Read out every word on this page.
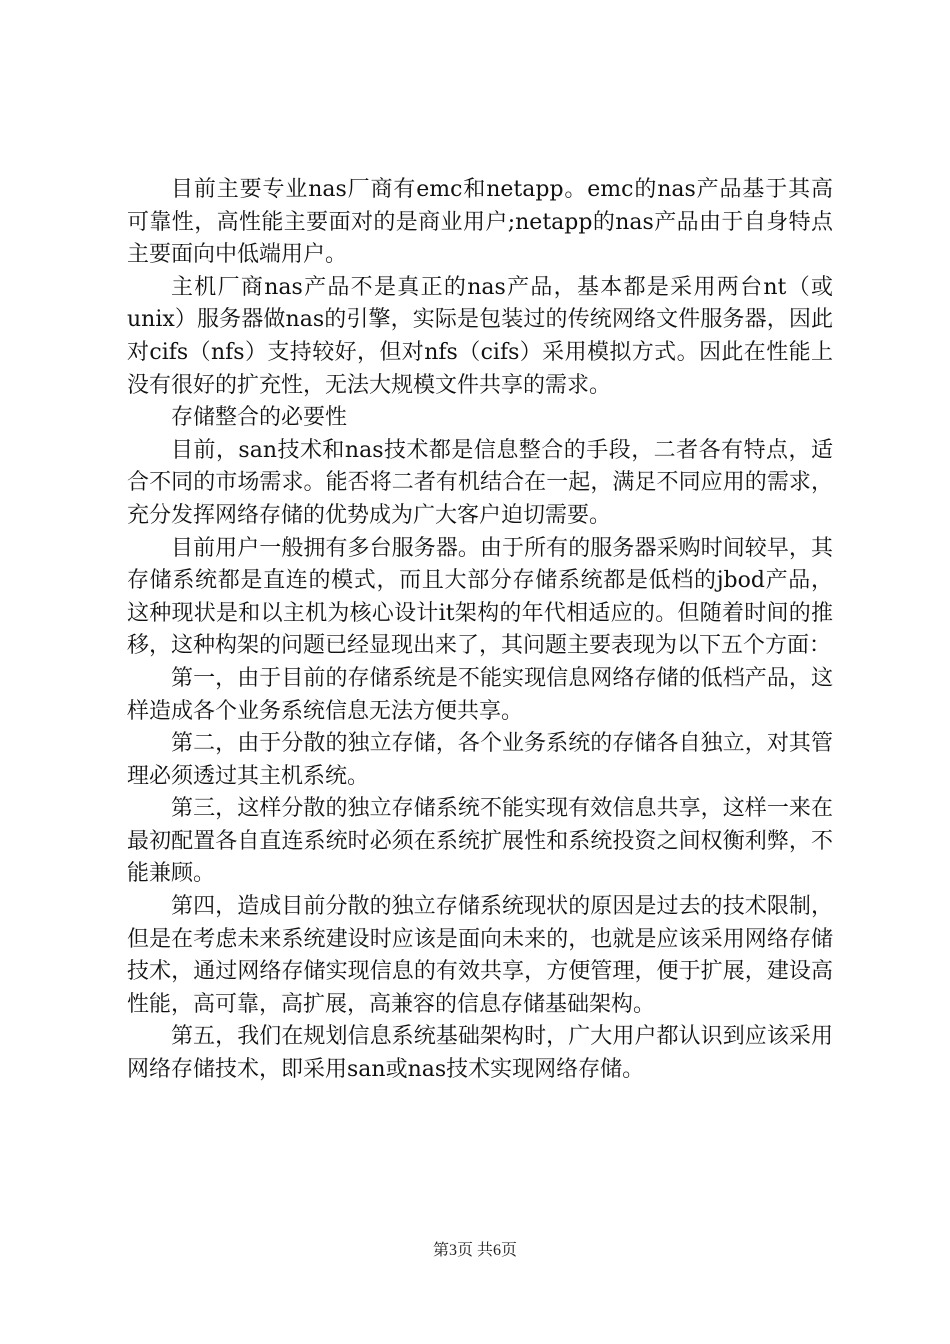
目前主要专业nas厂商有emc和netapp。emc的nas产品基于其高可靠性，高性能主要面对的是商业用户;netapp的nas产品由于自身特点主要面向中低端用户。

主机厂商nas产品不是真正的nas产品，基本都是采用两台nt（或unix）服务器做nas的引擎，实际是包装过的传统网络文件服务器，因此对cifs（nfs）支持较好，但对nfs（cifs）采用模拟方式。因此在性能上没有很好的扩充性，无法大规模文件共享的需求。

存储整合的必要性

目前，san技术和nas技术都是信息整合的手段，二者各有特点，适合不同的市场需求。能否将二者有机结合在一起，满足不同应用的需求，充分发挥网络存储的优势成为广大客户迫切需要。

目前用户一般拥有多台服务器。由于所有的服务器采购时间较早，其存储系统都是直连的模式，而且大部分存储系统都是低档的jbod产品，这种现状是和以主机为核心设计it架构的年代相适应的。但随着时间的推移，这种构架的问题已经显现出来了，其问题主要表现为以下五个方面：

第一，由于目前的存储系统是不能实现信息网络存储的低档产品，这样造成各个业务系统信息无法方便共享。

第二，由于分散的独立存储，各个业务系统的存储各自独立，对其管理必须透过其主机系统。

第三，这样分散的独立存储系统不能实现有效信息共享，这样一来在最初配置各自直连系统时必须在系统扩展性和系统投资之间权衡利弊，不能兼顾。

第四，造成目前分散的独立存储系统现状的原因是过去的技术限制，但是在考虑未来系统建设时应该是面向未来的，也就是应该采用网络存储技术，通过网络存储实现信息的有效共享，方便管理，便于扩展，建设高性能，高可靠，高扩展，高兼容的信息存储基础架构。

第五，我们在规划信息系统基础架构时，广大用户都认识到应该采用网络存储技术，即采用san或nas技术实现网络存储。

第3页 共6页
